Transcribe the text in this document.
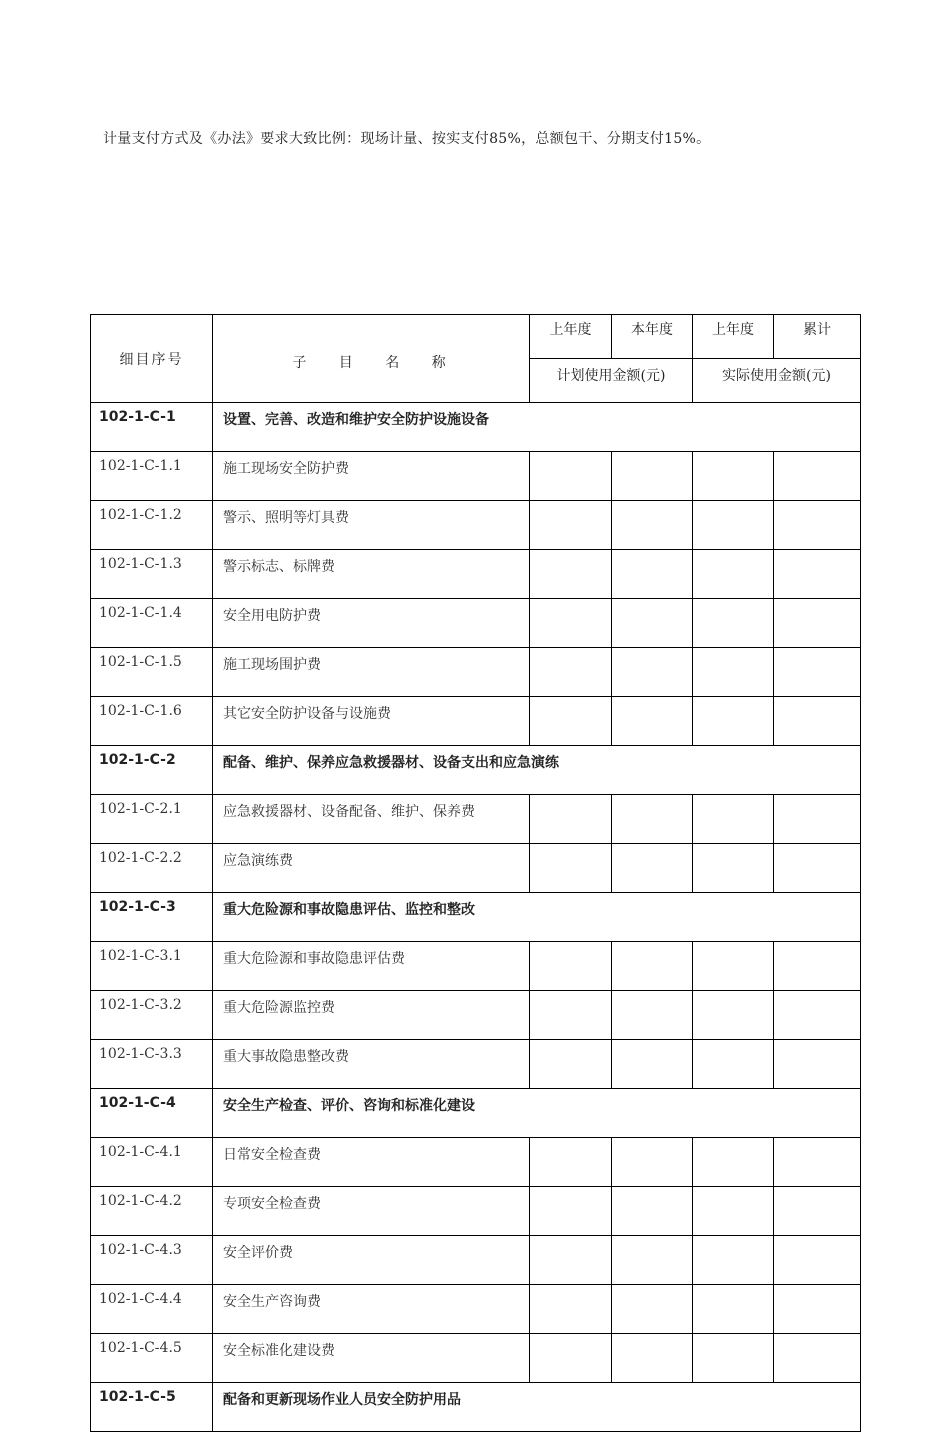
计量支付方式及《办法》要求大致比例：现场计量、按实支付85%，总额包干、分期支付15%。

细目序号	子 目 名 称	上年度	本年度	上年度	累计
		计划使用金额(元)		实际使用金额(元)	
102-1-C-1	设置、完善、改造和维护安全防护设施设备				
102-1-C-1.1	施工现场安全防护费				
102-1-C-1.2	警示、照明等灯具费				
102-1-C-1.3	警示标志、标牌费				
102-1-C-1.4	安全用电防护费				
102-1-C-1.5	施工现场围护费				
102-1-C-1.6	其它安全防护设备与设施费				
102-1-C-2	配备、维护、保养应急救援器材、设备支出和应急演练				
102-1-C-2.1	应急救援器材、设备配备、维护、保养费				
102-1-C-2.2	应急演练费				
102-1-C-3	重大危险源和事故隐患评估、监控和整改				
102-1-C-3.1	重大危险源和事故隐患评估费				
102-1-C-3.2	重大危险源监控费				
102-1-C-3.3	重大事故隐患整改费				
102-1-C-4	安全生产检查、评价、咨询和标准化建设				
102-1-C-4.1	日常安全检查费				
102-1-C-4.2	专项安全检查费				
102-1-C-4.3	安全评价费				
102-1-C-4.4	安全生产咨询费				
102-1-C-4.5	安全标准化建设费				
102-1-C-5	配备和更新现场作业人员安全防护用品				
